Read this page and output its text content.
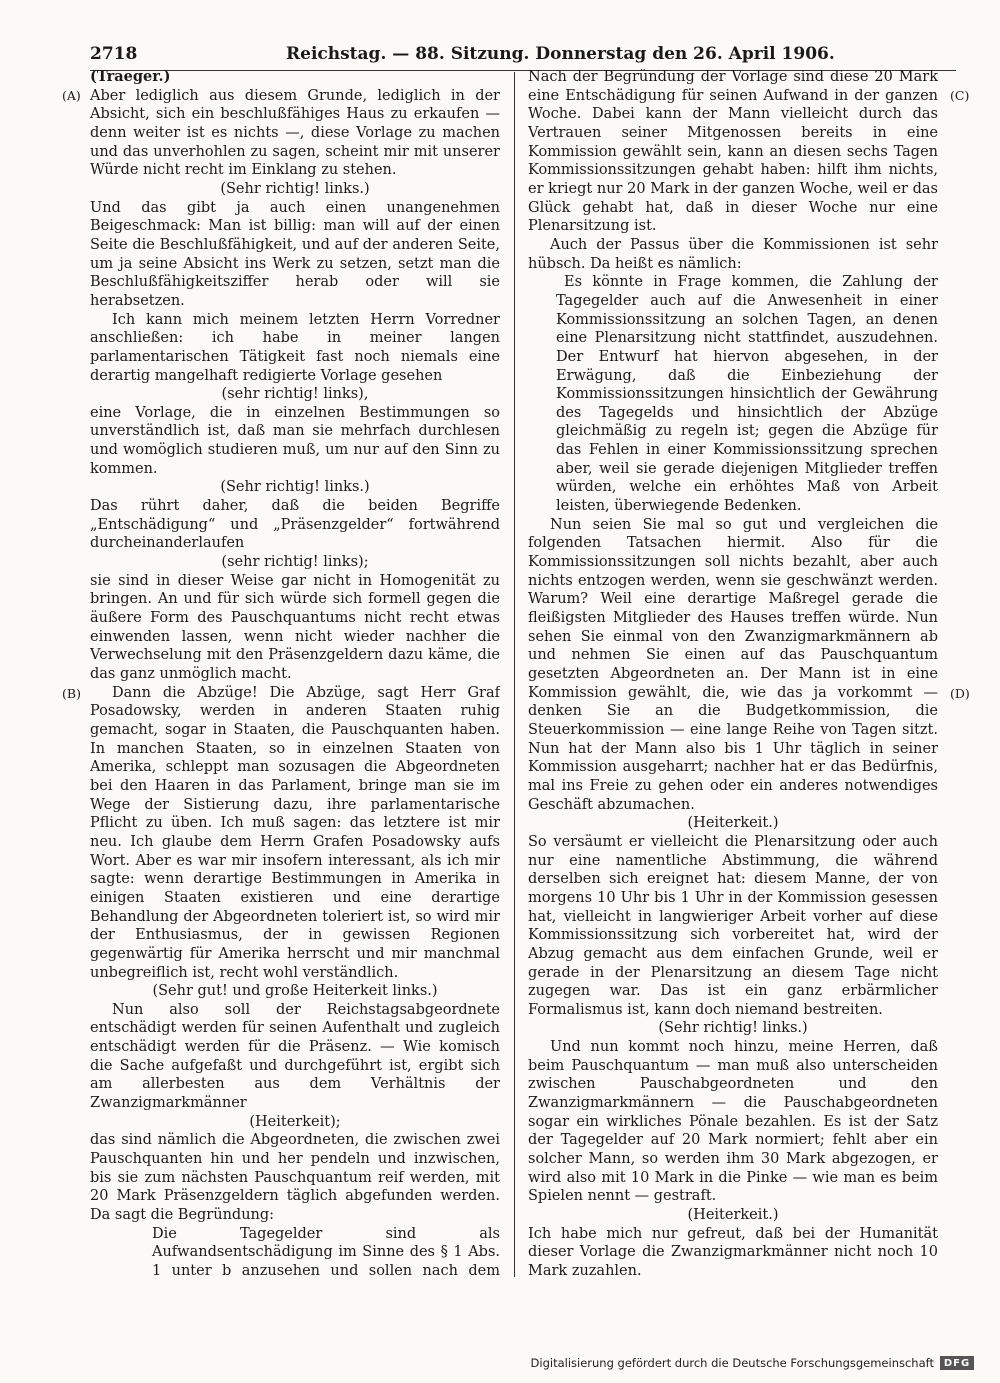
2718	Reichstag. — 88. Sitzung. Donnerstag den 26. April 1906.
(A)
(B)
(C)
(D)

(Traeger.)

Aber lediglich aus diesem Grunde, lediglich in der Absicht, sich ein beschlußfähiges Haus zu erkaufen — denn weiter ist es nichts —, diese Vorlage zu machen und das unverhohlen zu sagen, scheint mir mit unserer Würde nicht recht im Einklang zu stehen.

(Sehr richtig! links.)

Und das gibt ja auch einen unangenehmen Beigeschmack: Man ist billig: man will auf der einen Seite die Beschlußfähigkeit, und auf der anderen Seite, um ja seine Absicht ins Werk zu setzen, setzt man die Beschlußfähigkeitsziffer herab oder will sie herabsetzen.

Ich kann mich meinem letzten Herrn Vorredner anschließen: ich habe in meiner langen parlamentarischen Tätigkeit fast noch niemals eine derartig mangelhaft redigierte Vorlage gesehen

(sehr richtig! links),

eine Vorlage, die in einzelnen Bestimmungen so unverständlich ist, daß man sie mehrfach durchlesen und womöglich studieren muß, um nur auf den Sinn zu kommen.

(Sehr richtig! links.)

Das rührt daher, daß die beiden Begriffe „Entschädigung“ und „Präsenzgelder“ fortwährend durcheinanderlaufen

(sehr richtig! links);

sie sind in dieser Weise gar nicht in Homogenität zu bringen. An und für sich würde sich formell gegen die äußere Form des Pauschquantums nicht recht etwas einwenden lassen, wenn nicht wieder nachher die Verwechselung mit den Präsenzgeldern dazu käme, die das ganz unmöglich macht.

Dann die Abzüge! Die Abzüge, sagt Herr Graf Posadowsky, werden in anderen Staaten ruhig gemacht, sogar in Staaten, die Pauschquanten haben. In manchen Staaten, so in einzelnen Staaten von Amerika, schleppt man sozusagen die Abgeordneten bei den Haaren in das Parlament, bringe man sie im Wege der Sistierung dazu, ihre parlamentarische Pflicht zu üben. Ich muß sagen: das letztere ist mir neu. Ich glaube dem Herrn Grafen Posadowsky aufs Wort. Aber es war mir insofern interessant, als ich mir sagte: wenn derartige Bestimmungen in Amerika in einigen Staaten existieren und eine derartige Behandlung der Abgeordneten toleriert ist, so wird mir der Enthusiasmus, der in gewissen Regionen gegenwärtig für Amerika herrscht und mir manchmal unbegreiflich ist, recht wohl verständlich.

(Sehr gut! und große Heiterkeit links.)

Nun also soll der Reichstagsabgeordnete entschädigt werden für seinen Aufenthalt und zugleich entschädigt werden für die Präsenz. — Wie komisch die Sache aufgefaßt und durchgeführt ist, ergibt sich am allerbesten aus dem Verhältnis der Zwanzigmarkmänner

(Heiterkeit);

das sind nämlich die Abgeordneten, die zwischen zwei Pauschquanten hin und her pendeln und inzwischen, bis sie zum nächsten Pauschquantum reif werden, mit 20 Mark Präsenzgeldern täglich abgefunden werden. Da sagt die Begründung:

Die Tagegelder sind als Aufwandsentschädigung im Sinne des § 1 Abs. 1 unter b anzusehen und sollen nach dem

Nach der Begründung der Vorlage sind diese 20 Mark eine Entschädigung für seinen Aufwand in der ganzen Woche. Dabei kann der Mann vielleicht durch das Vertrauen seiner Mitgenossen bereits in eine Kommission gewählt sein, kann an diesen sechs Tagen Kommissionssitzungen gehabt haben: hilft ihm nichts, er kriegt nur 20 Mark in der ganzen Woche, weil er das Glück gehabt hat, daß in dieser Woche nur eine Plenarsitzung ist.

Auch der Passus über die Kommissionen ist sehr hübsch. Da heißt es nämlich:

Es könnte in Frage kommen, die Zahlung der Tagegelder auch auf die Anwesenheit in einer Kommissionssitzung an solchen Tagen, an denen eine Plenarsitzung nicht stattfindet, auszudehnen. Der Entwurf hat hiervon abgesehen, in der Erwägung, daß die Einbeziehung der Kommissionssitzungen hinsichtlich der Gewährung des Tagegelds und hinsichtlich der Abzüge gleichmäßig zu regeln ist; gegen die Abzüge für das Fehlen in einer Kommissionssitzung sprechen aber, weil sie gerade diejenigen Mitglieder treffen würden, welche ein erhöhtes Maß von Arbeit leisten, überwiegende Bedenken.

Nun seien Sie mal so gut und vergleichen die folgenden Tatsachen hiermit. Also für die Kommissionssitzungen soll nichts bezahlt, aber auch nichts entzogen werden, wenn sie geschwänzt werden. Warum? Weil eine derartige Maßregel gerade die fleißigsten Mitglieder des Hauses treffen würde. Nun sehen Sie einmal von den Zwanzigmarkmännern ab und nehmen Sie einen auf das Pauschquantum gesetzten Abgeordneten an. Der Mann ist in eine Kommission gewählt, die, wie das ja vorkommt — denken Sie an die Budgetkommission, die Steuerkommission — eine lange Reihe von Tagen sitzt. Nun hat der Mann also bis 1 Uhr täglich in seiner Kommission ausgeharrt; nachher hat er das Bedürfnis, mal ins Freie zu gehen oder ein anderes notwendiges Geschäft abzumachen.

(Heiterkeit.)

So versäumt er vielleicht die Plenarsitzung oder auch nur eine namentliche Abstimmung, die während derselben sich ereignet hat: diesem Manne, der von morgens 10 Uhr bis 1 Uhr in der Kommission gesessen hat, vielleicht in langwieriger Arbeit vorher auf diese Kommissionssitzung sich vorbereitet hat, wird der Abzug gemacht aus dem einfachen Grunde, weil er gerade in der Plenarsitzung an diesem Tage nicht zugegen war. Das ist ein ganz erbärmlicher Formalismus ist, kann doch niemand bestreiten.

(Sehr richtig! links.)

Und nun kommt noch hinzu, meine Herren, daß beim Pauschquantum — man muß also unterscheiden zwischen Pauschabgeordneten und den Zwanzigmarkmännern — die Pauschabgeordneten sogar ein wirkliches Pönale bezahlen. Es ist der Satz der Tagegelder auf 20 Mark normiert; fehlt aber ein solcher Mann, so werden ihm 30 Mark abgezogen, er wird also mit 10 Mark in die Pinke — wie man es beim Spielen nennt — gestraft.

(Heiterkeit.)

Ich habe mich nur gefreut, daß bei der Humanität dieser Vorlage die Zwanzigmarkmänner nicht noch 10 Mark zuzahlen.

Digitalisierung gefördert durch die Deutsche Forschungsgemeinschaft DFG
